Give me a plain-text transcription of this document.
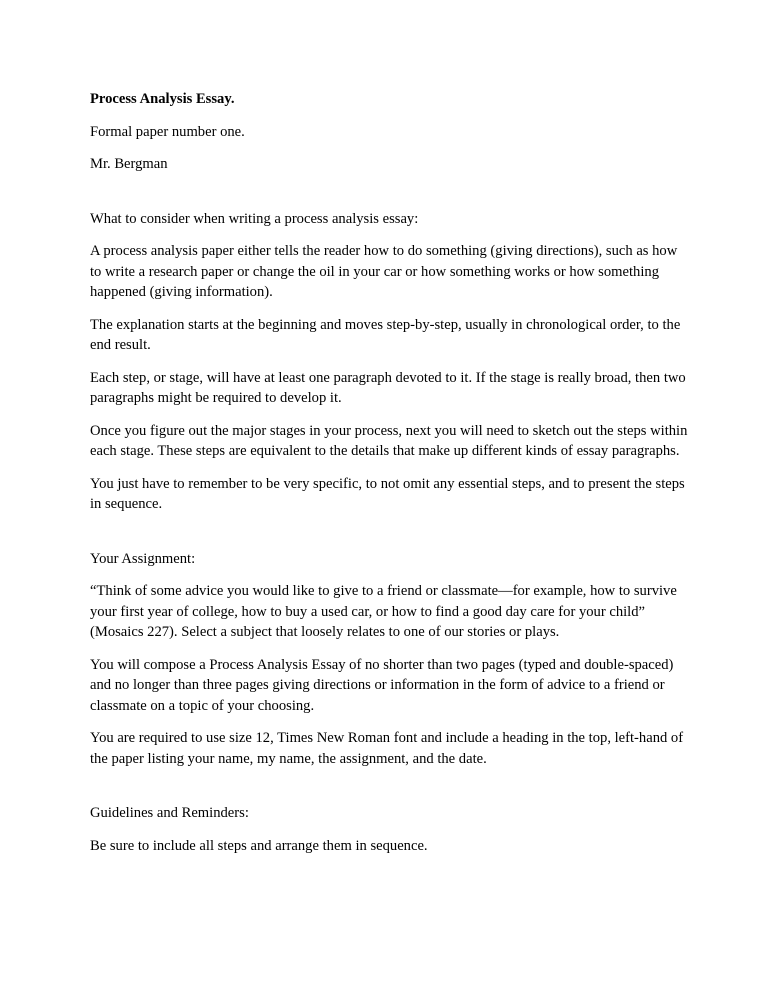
Process Analysis Essay.

Formal paper number one.

Mr. Bergman

What to consider when writing a process analysis essay:

A process analysis paper either tells the reader how to do something (giving directions), such as how to write a research paper or change the oil in your car or how something works or how something happened (giving information).

The explanation starts at the beginning and moves step-by-step, usually in chronological order, to the end result.

Each step, or stage, will have at least one paragraph devoted to it. If the stage is really broad, then two paragraphs might be required to develop it.

Once you figure out the major stages in your process, next you will need to sketch out the steps within each stage. These steps are equivalent to the details that make up different kinds of essay paragraphs.

You just have to remember to be very specific, to not omit any essential steps, and to present the steps in sequence.

Your Assignment:

“Think of some advice you would like to give to a friend or classmate—for example, how to survive your first year of college, how to buy a used car, or how to find a good day care for your child” (Mosaics 227). Select a subject that loosely relates to one of our stories or plays.

You will compose a Process Analysis Essay of no shorter than two pages (typed and double-spaced) and no longer than three pages giving directions or information in the form of advice to a friend or classmate on a topic of your choosing.

You are required to use size 12, Times New Roman font and include a heading in the top, left-hand of the paper listing your name, my name, the assignment, and the date.

Guidelines and Reminders:

Be sure to include all steps and arrange them in sequence.
